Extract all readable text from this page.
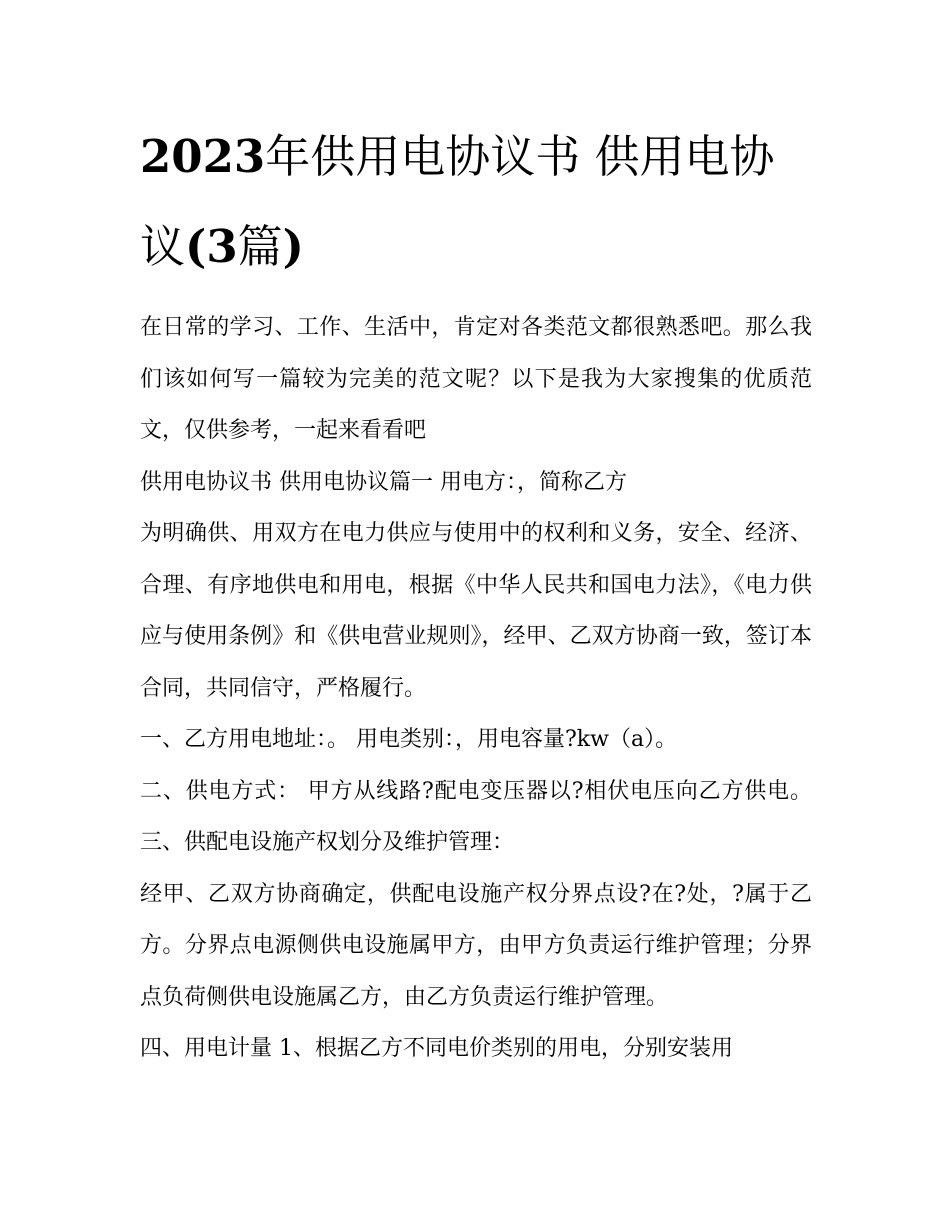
2023年供用电协议书 供用电协议(3篇)

在日常的学习、工作、生活中，肯定对各类范文都很熟悉吧。那么我们该如何写一篇较为完美的范文呢？以下是我为大家搜集的优质范文，仅供参考，一起来看看吧

供用电协议书 供用电协议篇一 用电方：，简称乙方

为明确供、用双方在电力供应与使用中的权利和义务，安全、经济、合理、有序地供电和用电，根据《中华人民共和国电力法》，《电力供应与使用条例》和《供电营业规则》，经甲、乙双方协商一致，签订本合同，共同信守，严格履行。

一、乙方用电地址：。 用电类别：，用电容量?kw（a）。

二、供电方式： 甲方从线路?配电变压器以?相伏电压向乙方供电。 三、供配电设施产权划分及维护管理：

经甲、乙双方协商确定，供配电设施产权分界点设?在?处，?属于乙方。分界点电源侧供电设施属甲方，由甲方负责运行维护管理；分界点负荷侧供电设施属乙方，由乙方负责运行维护管理。

四、用电计量 1、根据乙方不同电价类别的用电，分别安装用
